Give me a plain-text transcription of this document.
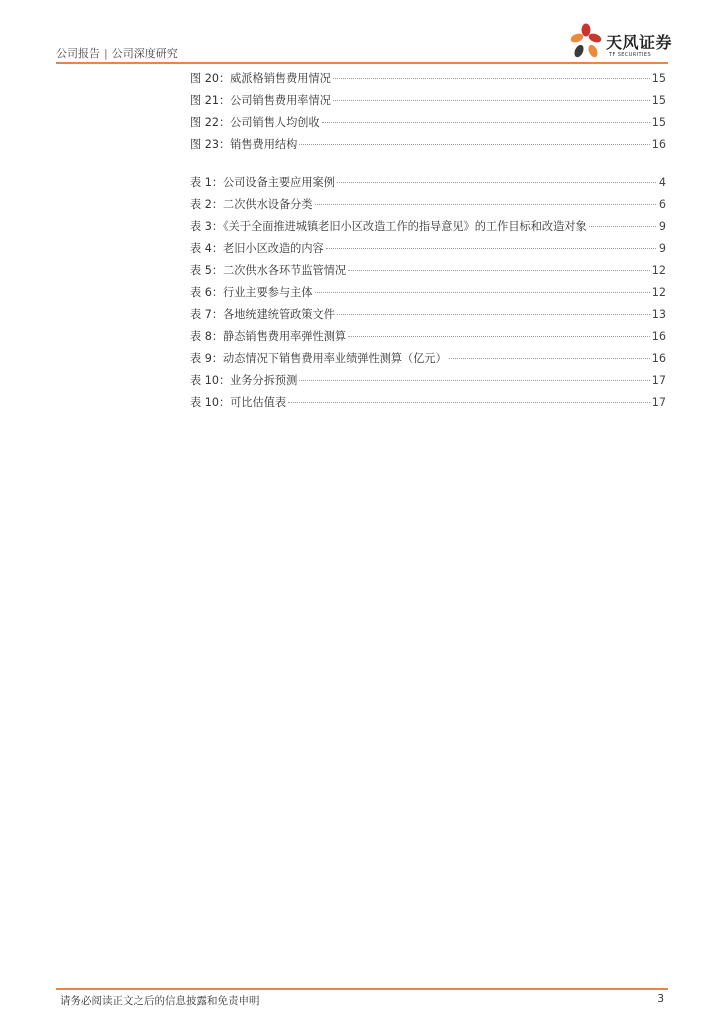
公司报告 | 公司深度研究
天风证券
TF SECURITIES
图 20：威派格销售费用情况	15
图 21：公司销售费用率情况	15
图 22：公司销售人均创收	15
图 23：销售费用结构	16
表 1：公司设备主要应用案例	4
表 2：二次供水设备分类	6
表 3：《关于全面推进城镇老旧小区改造工作的指导意见》的工作目标和改造对象	9
表 4：老旧小区改造的内容	9
表 5：二次供水各环节监管情况	12
表 6：行业主要参与主体	12
表 7：各地统建统管政策文件	13
表 8：静态销售费用率弹性测算	16
表 9：动态情况下销售费用率业绩弹性测算（亿元）	16
表 10：业务分拆预测	17
表 10：可比估值表	17
请务必阅读正文之后的信息披露和免责申明	3
